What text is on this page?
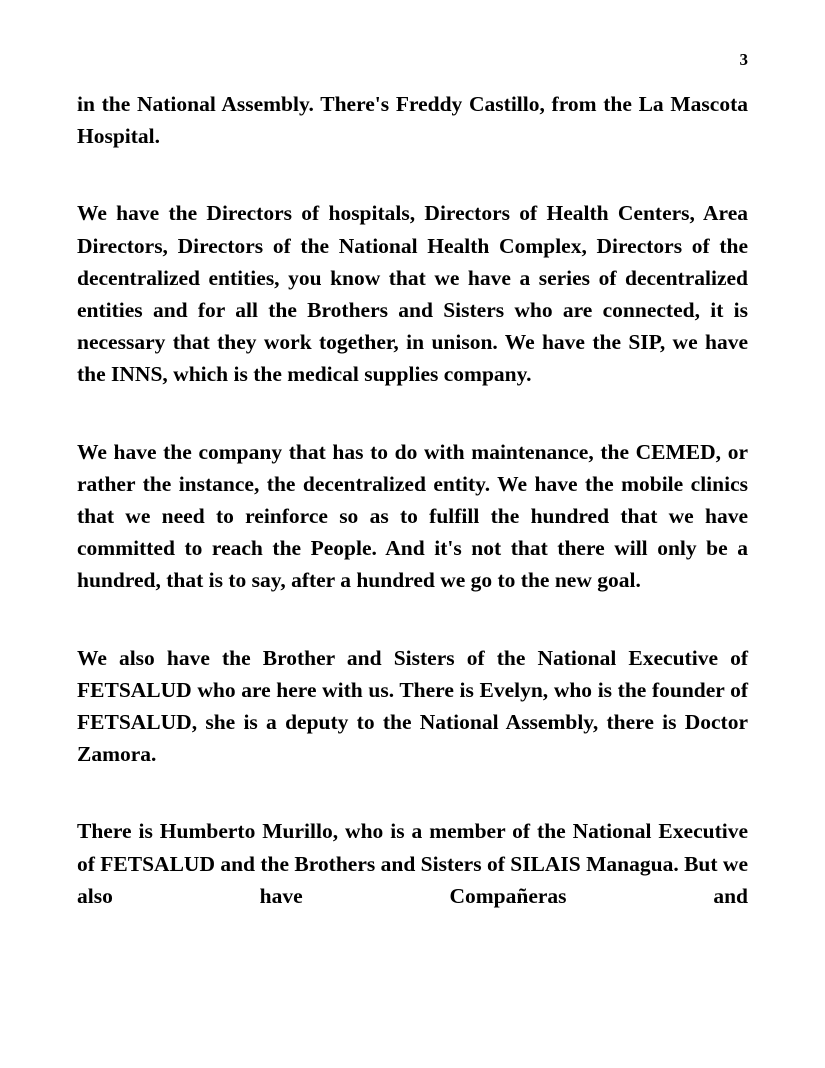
3

in the National Assembly. There's Freddy Castillo, from the La Mascota Hospital.

We have the Directors of hospitals, Directors of Health Centers, Area Directors, Directors of the National Health Complex, Directors of the decentralized entities, you know that we have a series of decentralized entities and for all the Brothers and Sisters who are connected, it is necessary that they work together, in unison. We have the SIP, we have the INNS, which is the medical supplies company.

We have the company that has to do with maintenance, the CEMED, or rather the instance, the decentralized entity. We have the mobile clinics that we need to reinforce so as to fulfill the hundred that we have committed to reach the People. And it's not that there will only be a hundred, that is to say, after a hundred we go to the new goal.

We also have the Brother and Sisters of the National Executive of FETSALUD who are here with us. There is Evelyn, who is the founder of FETSALUD, she is a deputy to the National Assembly, there is Doctor Zamora.

There is Humberto Murillo, who is a member of the National Executive of FETSALUD and the Brothers and Sisters of SILAIS Managua. But we also have Compañeras and
